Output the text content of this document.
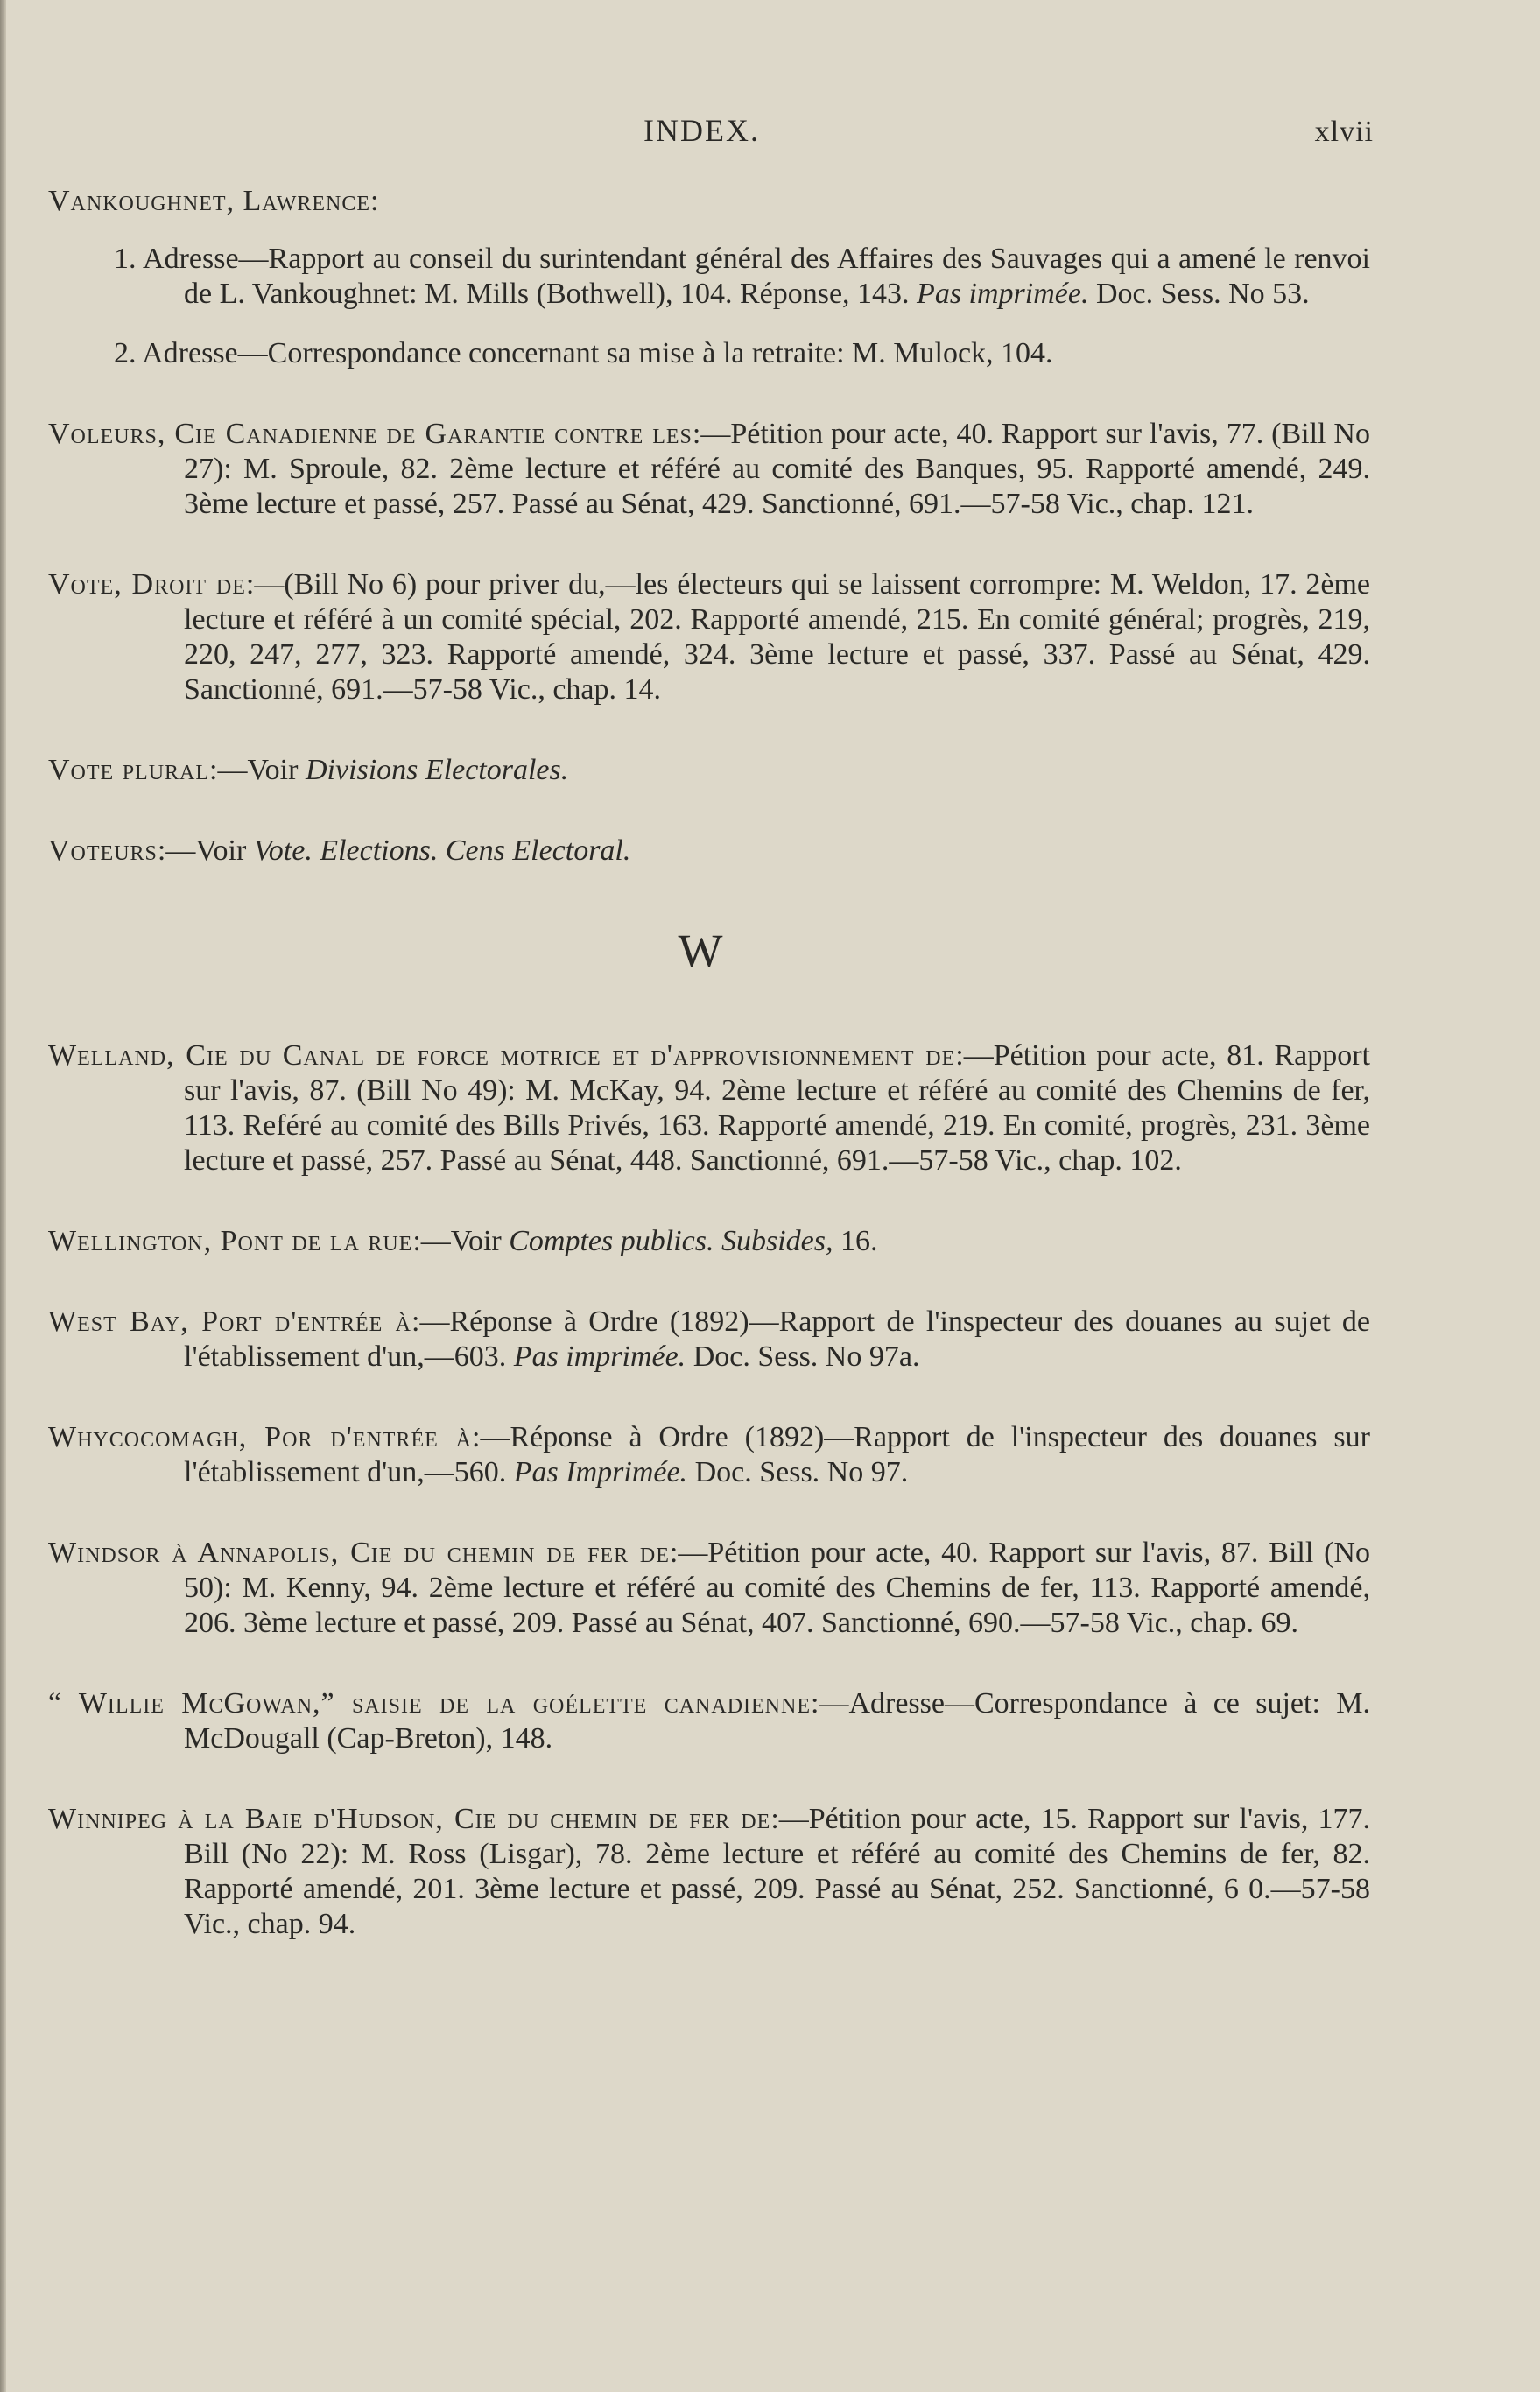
INDEX.	xlvii

Vankoughnet, Lawrence:

1. Adresse—Rapport au conseil du surintendant général des Affaires des Sauvages qui a amené le renvoi de L. Vankoughnet: M. Mills (Bothwell), 104. Réponse, 143. Pas imprimée. Doc. Sess. No 53.

2. Adresse—Correspondance concernant sa mise à la retraite: M. Mulock, 104.

Voleurs, Cie Canadienne de Garantie contre les:—Pétition pour acte, 40. Rapport sur l'avis, 77. (Bill No 27): M. Sproule, 82. 2ème lecture et référé au comité des Banques, 95. Rapporté amendé, 249. 3ème lecture et passé, 257. Passé au Sénat, 429. Sanctionné, 691.—57-58 Vic., chap. 121.

Vote, Droit de:—(Bill No 6) pour priver du,—les électeurs qui se laissent corrompre: M. Weldon, 17. 2ème lecture et référé à un comité spécial, 202. Rapporté amendé, 215. En comité général; progrès, 219, 220, 247, 277, 323. Rapporté amendé, 324. 3ème lecture et passé, 337. Passé au Sénat, 429. Sanctionné, 691.—57-58 Vic., chap. 14.

Vote plural:—Voir Divisions Electorales.

Voteurs:—Voir Vote. Elections. Cens Electoral.

W

Welland, Cie du Canal de force motrice et d'approvisionnement de:—Pétition pour acte, 81. Rapport sur l'avis, 87. (Bill No 49): M. McKay, 94. 2ème lecture et référé au comité des Chemins de fer, 113. Reféré au comité des Bills Privés, 163. Rapporté amendé, 219. En comité, progrès, 231. 3ème lecture et passé, 257. Passé au Sénat, 448. Sanctionné, 691.—57-58 Vic., chap. 102.

Wellington, Pont de la rue:—Voir Comptes publics. Subsides, 16.

West Bay, Port d'entrée à:—Réponse à Ordre (1892)—Rapport de l'inspecteur des douanes au sujet de l'établissement d'un,—603. Pas imprimée. Doc. Sess. No 97a.

Whycocomagh, Por d'entrée à:—Réponse à Ordre (1892)—Rapport de l'inspecteur des douanes sur l'établissement d'un,—560. Pas Imprimée. Doc. Sess. No 97.

Windsor à Annapolis, Cie du chemin de fer de:—Pétition pour acte, 40. Rapport sur l'avis, 87. Bill (No 50): M. Kenny, 94. 2ème lecture et référé au comité des Chemins de fer, 113. Rapporté amendé, 206. 3ème lecture et passé, 209. Passé au Sénat, 407. Sanctionné, 690.—57-58 Vic., chap. 69.

“ Willie McGowan,” saisie de la goélette canadienne:—Adresse—Correspondance à ce sujet: M. McDougall (Cap-Breton), 148.

Winnipeg à la Baie d'Hudson, Cie du chemin de fer de:—Pétition pour acte, 15. Rapport sur l'avis, 177. Bill (No 22): M. Ross (Lisgar), 78. 2ème lecture et référé au comité des Chemins de fer, 82. Rapporté amendé, 201. 3ème lecture et passé, 209. Passé au Sénat, 252. Sanctionné, 6 0.—57-58 Vic., chap. 94.
